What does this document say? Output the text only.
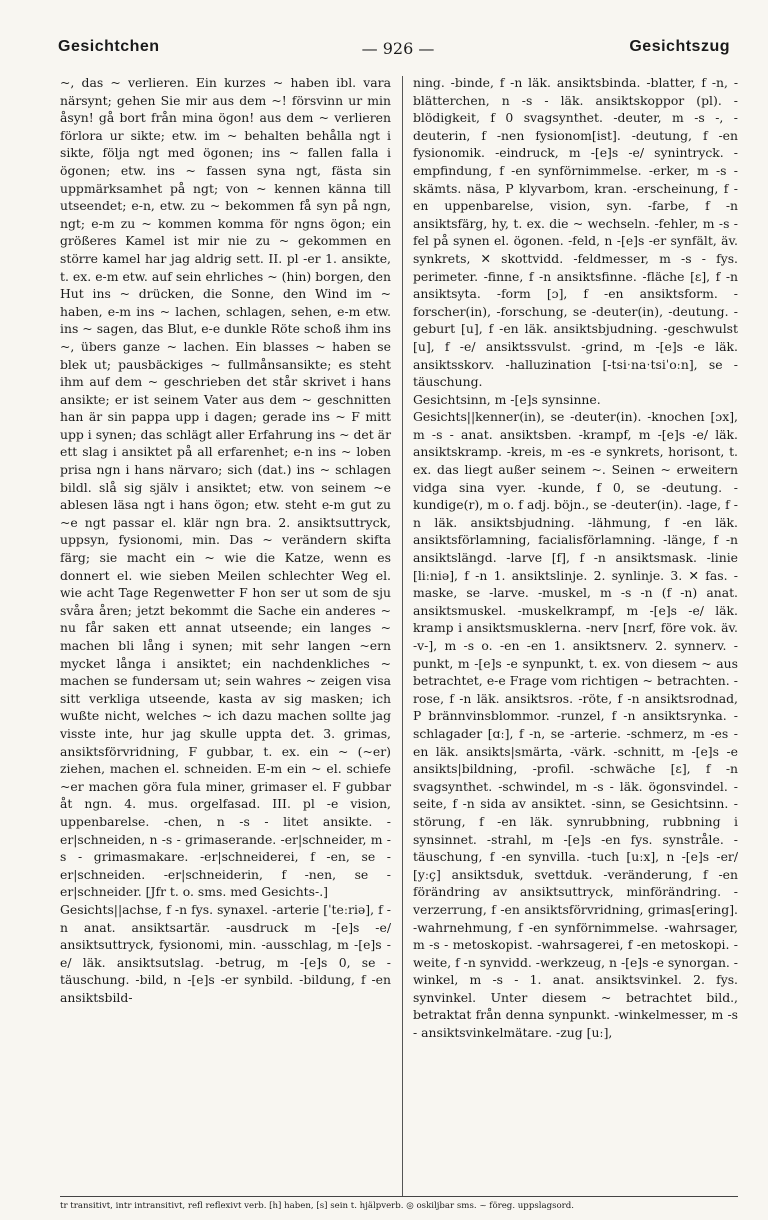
Gesichtchen	— 926 —	Gesichtszug

~, das ~ verlieren. Ein kurzes ~ haben ibl. vara närsynt; gehen Sie mir aus dem ~! försvinn ur min åsyn! gå bort från mina ögon! aus dem ~ verlieren förlora ur sikte; etw. im ~ behalten behålla ngt i sikte, följa ngt med ögonen; ins ~ fallen falla i ögonen; etw. ins ~ fassen syna ngt, fästa sin uppmärksamhet på ngt; von ~ kennen känna till utseendet; e-n, etw. zu ~ bekommen få syn på ngn, ngt; e-m zu ~ kommen komma för ngns ögon; ein größeres Kamel ist mir nie zu ~ gekommen en större kamel har jag aldrig sett. II. pl -er 1. ansikte, t. ex. e-m etw. auf sein ehrliches ~ (hin) borgen, den Hut ins ~ drücken, die Sonne, den Wind im ~ haben, e-m ins ~ lachen, schlagen, sehen, e-m etw. ins ~ sagen, das Blut, e-e dunkle Röte schoß ihm ins ~, übers ganze ~ lachen. Ein blasses ~ haben se blek ut; pausbäckiges ~ fullmånsansikte; es steht ihm auf dem ~ geschrieben det står skrivet i hans ansikte; er ist seinem Vater aus dem ~ geschnitten han är sin pappa upp i dagen; gerade ins ~ F mitt upp i synen; das schlägt aller Erfahrung ins ~ det är ett slag i ansiktet på all erfarenhet; e-n ins ~ loben prisa ngn i hans närvaro; sich (dat.) ins ~ schlagen bildl. slå sig själv i ansiktet; etw. von seinem ~e ablesen läsa ngt i hans ögon; etw. steht e-m gut zu ~e ngt passar el. klär ngn bra. 2. ansiktsuttryck, uppsyn, fysionomi, min. Das ~ verändern skifta färg; sie macht ein ~ wie die Katze, wenn es donnert el. wie sieben Meilen schlechter Weg el. wie acht Tage Regenwetter F hon ser ut som de sju svåra åren; jetzt bekommt die Sache ein anderes ~ nu får saken ett annat utseende; ein langes ~ machen bli lång i synen; mit sehr langen ~ern mycket långa i ansiktet; ein nachdenkliches ~ machen se fundersam ut; sein wahres ~ zeigen visa sitt verkliga utseende, kasta av sig masken; ich wußte nicht, welches ~ ich dazu machen sollte jag visste inte, hur jag skulle uppta det. 3. grimas, ansiktsförvridning, F gubbar, t. ex. ein ~ (~er) ziehen, machen el. schneiden. E-m ein ~ el. schiefe ~er machen göra fula miner, grimaser el. F gubbar åt ngn. 4. mus. orgelfasad. III. pl -e vision, uppenbarelse. -chen, n -s - litet ansikte. -er|schneiden, n -s - grimaserande. -er|schneider, m -s - grimasmakare. -er|schneiderei, f -en, se -er|schneiden. -er|schneiderin, f -nen, se -er|schneider. [Jfr t. o. sms. med Gesichts-.]

Gesichts||achse, f -n fys. synaxel. -arterie [ˈteːriə], f -n anat. ansiktsartär. -ausdruck m -[e]s -e/ ansiktsuttryck, fysionomi, min. -ausschlag, m -[e]s -e/ läk. ansiktsutslag. -betrug, m -[e]s 0, se -täuschung. -bild, n -[e]s -er synbild. -bildung, f -en ansiktsbild-

ning. -binde, f -n läk. ansiktsbinda. -blatter, f -n, -blätterchen, n -s - läk. ansiktskoppor (pl). -blödigkeit, f 0 svagsynthet. -deuter, m -s -, -deuterin, f -nen fysionom[ist]. -deutung, f -en fysionomik. -eindruck, m -[e]s -e/ synintryck. -empfindung, f -en synförnimmelse. -erker, m -s - skämts. näsa, P klyvarbom, kran. -erscheinung, f -en uppenbarelse, vision, syn. -farbe, f -n ansiktsfärg, hy, t. ex. die ~ wechseln. -fehler, m -s - fel på synen el. ögonen. -feld, n -[e]s -er synfält, äv. synkrets, ✕ skottvidd. -feldmesser, m -s - fys. perimeter. -finne, f -n ansiktsfinne. -fläche [ɛ], f -n ansiktsyta. -form [ɔ], f -en ansiktsform. -forscher(in), -forschung, se -deuter(in), -deutung. -geburt [u], f -en läk. ansiktsbjudning. -geschwulst [u], f -e/ ansiktssvulst. -grind, m -[e]s -e läk. ansiktsskorv. -halluzination [-tsiˑnaˑtsiˈoːn], se -täuschung.

Gesichtsinn, m -[e]s synsinne.

Gesichts||kenner(in), se -deuter(in). -knochen [ɔx], m -s - anat. ansiktsben. -krampf, m -[e]s -e/ läk. ansiktskramp. -kreis, m -es -e synkrets, horisont, t. ex. das liegt außer seinem ~. Seinen ~ erweitern vidga sina vyer. -kunde, f 0, se -deutung. -kundige(r), m o. f adj. böjn., se -deuter(in). -lage, f -n läk. ansiktsbjudning. -lähmung, f -en läk. ansiktsförlamning, facialisförlamning. -länge, f -n ansiktslängd. -larve [f], f -n ansiktsmask. -linie [liːniə], f -n 1. ansiktslinje. 2. synlinje. 3. ✕ fas. -maske, se -larve. -muskel, m -s -n (f -n) anat. ansiktsmuskel. -muskelkrampf, m -[e]s -e/ läk. kramp i ansiktsmusklerna. -nerv [nɛrf, före vok. äv. -v-], m -s o. -en -en 1. ansiktsnerv. 2. synnerv. -punkt, m -[e]s -e synpunkt, t. ex. von diesem ~ aus betrachtet, e-e Frage vom richtigen ~ betrachten. -rose, f -n läk. ansiktsros. -röte, f -n ansiktsrodnad, P brännvinsblommor. -runzel, f -n ansiktsrynka. -schlagader [ɑː], f -n, se -arterie. -schmerz, m -es -en läk. ansikts|smärta, -värk. -schnitt, m -[e]s -e ansikts|bildning, -profil. -schwäche [ɛ], f -n svagsynthet. -schwindel, m -s - läk. ögonsvindel. -seite, f -n sida av ansiktet. -sinn, se Gesichtsinn. -störung, f -en läk. synrubbning, rubbning i synsinnet. -strahl, m -[e]s -en fys. synstråle. -täuschung, f -en synvilla. -tuch [uːx], n -[e]s -er/ [yːç] ansiktsduk, svettduk. -veränderung, f -en förändring av ansiktsuttryck, minförändring. -verzerrung, f -en ansiktsförvridning, grimas[ering]. -wahrnehmung, f -en synförnimmelse. -wahrsager, m -s - metoskopist. -wahrsagerei, f -en metoskopi. -weite, f -n synvidd. -werkzeug, n -[e]s -e synorgan. -winkel, m -s - 1. anat. ansiktsvinkel. 2. fys. synvinkel. Unter diesem ~ betrachtet bild., betraktat från denna synpunkt. -winkelmesser, m -s - ansiktsvinkelmätare. -zug [uː],

tr transitivt, intr intransitivt, refl reflexivt verb. [h] haben, [s] sein t. hjälpverb. ◎ oskiljbar sms. ~ föreg. uppslagsord.
